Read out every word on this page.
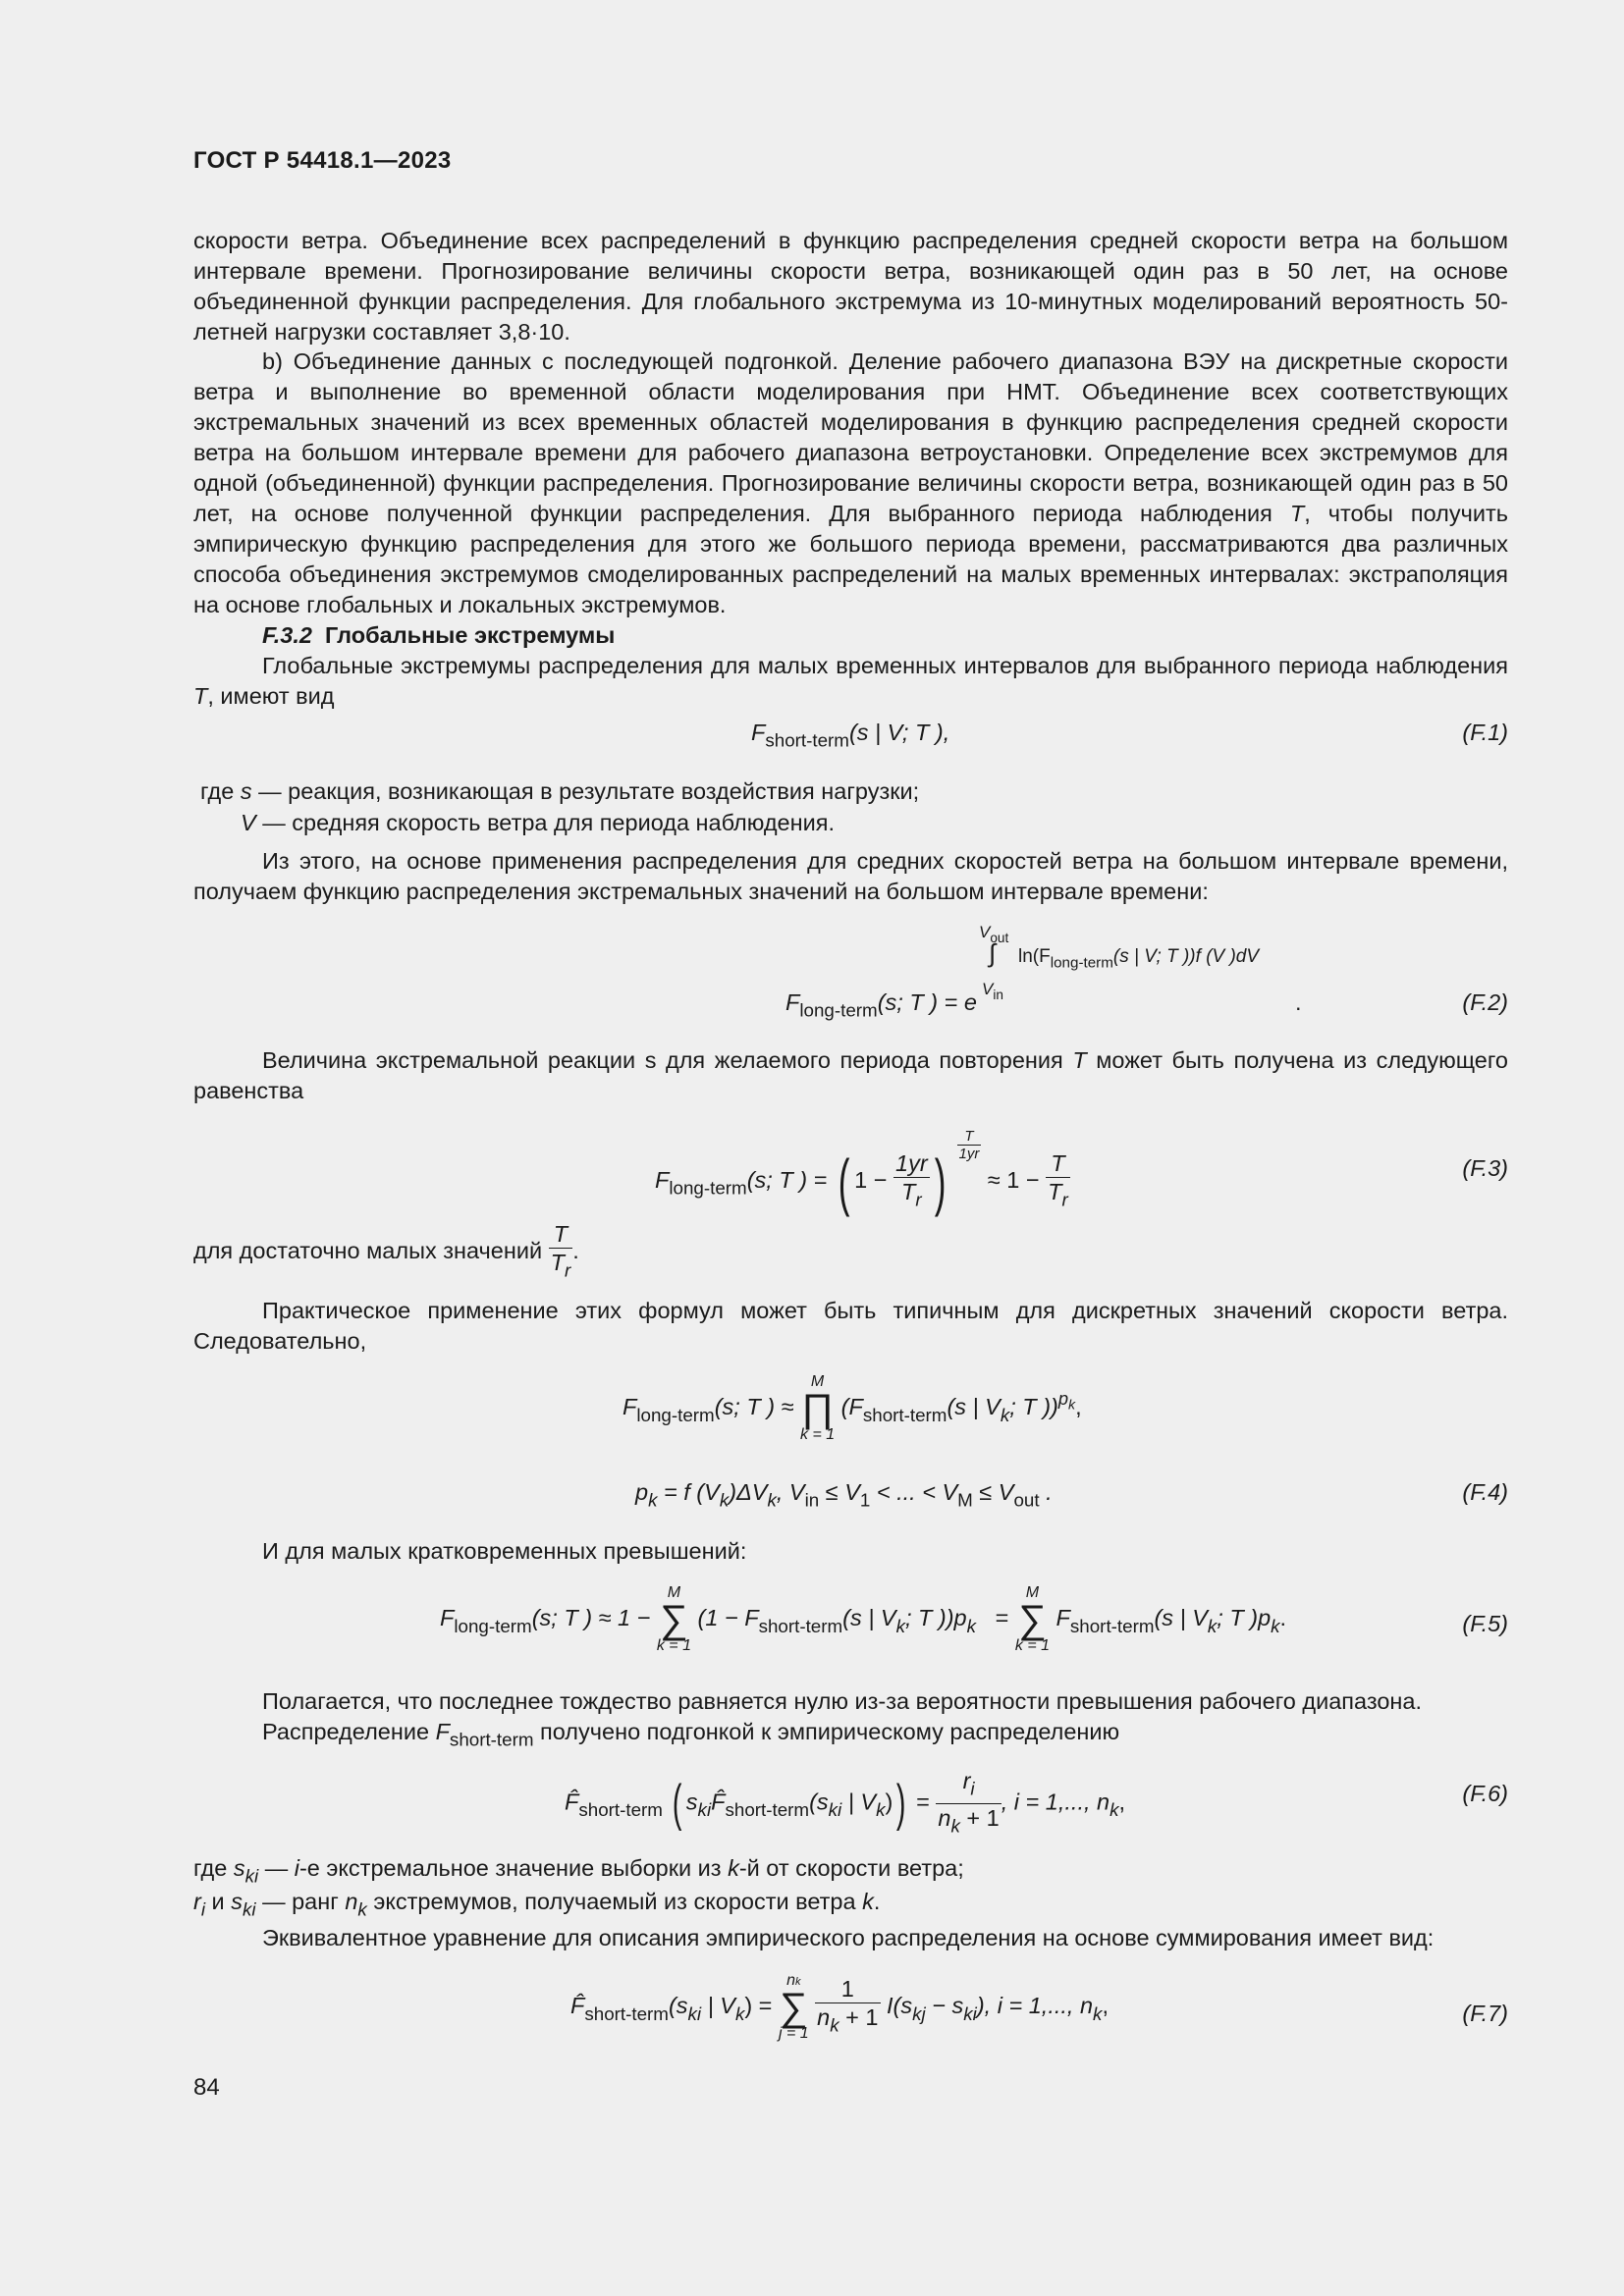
ГОСТ Р 54418.1—2023
скорости ветра. Объединение всех распределений в функцию распределения средней скорости ветра на большом интервале времени. Прогнозирование величины скорости ветра, возникающей один раз в 50 лет, на основе объединенной функции распределения. Для глобального экстремума из 10-минутных моделирований вероятность 50-летней нагрузки составляет 3,8·10.
b) Объединение данных с последующей подгонкой. Деление рабочего диапазона ВЭУ на дискретные скорости ветра и выполнение во временной области моделирования при НМТ. Объединение всех соответствующих экстремальных значений из всех временных областей моделирования в функцию распределения средней скорости ветра на большом интервале времени для рабочего диапазона ветроустановки. Определение всех экстремумов для одной (объединенной) функции распределения. Прогнозирование величины скорости ветра, возникающей один раз в 50 лет, на основе полученной функции распределения. Для выбранного периода наблюдения T, чтобы получить эмпирическую функцию распределения для этого же большого периода времени, рассматриваются два различных способа объединения экстремумов смоделированных распределений на малых временных интервалах: экстраполяция на основе глобальных и локальных экстремумов.
F.3.2 Глобальные экстремумы
Глобальные экстремумы распределения для малых временных интервалов для выбранного периода наблюдения T, имеют вид
$F_{short-term}(s$ | V; T ),	(F.1)
где s — реакция, возникающая в результате воздействия нагрузки;
V — средняя скорость ветра для периода наблюдения.
Из этого, на основе применения распределения для средних скоростей ветра на большом интервале времени, получаем функцию распределения экстремальных значений на большом интервале времени:
$F_{long-term}(s$; T ) = e
$V_{out}$
∫
$V_{in}$
$\ln(F_{long-term}(s$ | V; T ))f (V )dV
.	(F.2)
Величина экстремальной реакции s для желаемого периода повторения T может быть получена из следующего равенства
$F_{long-term}(s$; T ) = ( $1 - \frac{1yr}{T_r}$ )
$\frac{T}{1yr}$
≈ $1 - \frac{T}{T_r}$	(F.3)
для достаточно малых значений $\frac{T}{T_r}$ .
Практическое применение этих формул может быть типичным для дискретных значений скорости ветра. Следовательно,
$F_{long-term}(s$; T ) ≈
M
∏
k = 1
($F_{short-term}(s$ | $V_k$; T ))$^{pk}$,
$p_k = f$ $(V_k)\Delta V_k$, $V_{in} \le V_1$ < ... < $V_M \le V_{out}$ .	(F.4)
И для малых кратковременных превышений:
$F_{long-term}(s$; T ) ≈ 1 −
M
∑
k = 1
($1 - F_{short-term}(s$ | $V_k$; T ))$p_k$ =
M
∑
k = 1
$F_{short-term}(s$ | $V_k$; T )$p_k$.	(F.5)
Полагается, что последнее тождество равняется нулю из-за вероятности превышения рабочего диапазона.
Распределение $F_{short-term}$ получено подгонкой к эмпирическому распределению
$F̂_{short-term}$ ( $s_{ki}F̂_{short-term}(s_{ki}$ | $V_k)) = \frac{r_i}{n_k + 1}$ , i = 1,..., $n_k$,	(F.6)
где $s_{ki}$ — i-е экстремальное значение выборки из k-й от скорости ветра;
$r_i$ и $s_{ki}$ — ранг $n_k$ экстремумов, получаемый из скорости ветра k.
Эквивалентное уравнение для описания эмпирического распределения на основе суммирования имеет вид:
$F̂_{short-term}(s_{ki}$ | $V_k$) =
nk
∑
j = 1
$\frac{1}{n_k + 1} I(s_{kj} - s_{ki})$, i = 1,..., $n_k$,	(F.7)
84
